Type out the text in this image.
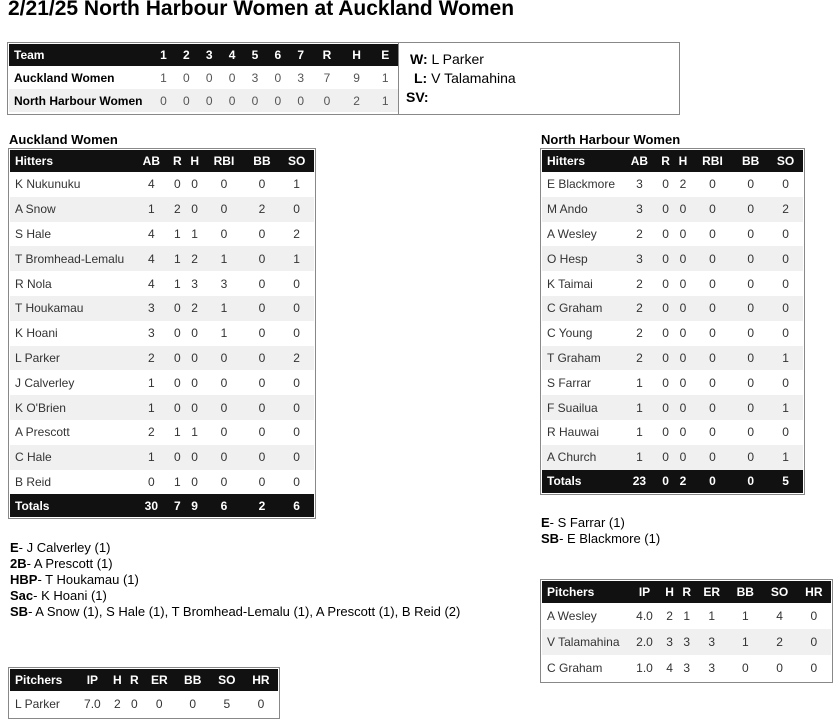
2/21/25 North Harbour Women at Auckland Women
Team	1	2	3	4	5	6	7	R	H	E
Auckland Women	1	0	0	0	3	0	3	7	9	1
North Harbour Women	0	0	0	0	0	0	0	0	2	1
W: L Parker
L: V Talamahina
SV:
Auckland Women
Hitters	AB	R	H	RBI	BB	SO
K Nukunuku	4	0	0	0	0	1
A Snow	1	2	0	0	2	0
S Hale	4	1	1	0	0	2
T Bromhead-Lemalu	4	1	2	1	0	1
R Nola	4	1	3	3	0	0
T Houkamau	3	0	2	1	0	0
K Hoani	3	0	0	1	0	0
L Parker	2	0	0	0	0	2
J Calverley	1	0	0	0	0	0
K O'Brien	1	0	0	0	0	0
A Prescott	2	1	1	0	0	0
C Hale	1	0	0	0	0	0
B Reid	0	1	0	0	0	0
Totals	30	7	9	6	2	6
E- J Calverley (1)
2B- A Prescott (1)
HBP- T Houkamau (1)
Sac- K Hoani (1)
SB- A Snow (1), S Hale (1), T Bromhead-Lemalu (1), A Prescott (1), B Reid (2)
Pitchers	IP	H	R	ER	BB	SO	HR
L Parker	7.0	2	0	0	0	5	0
North Harbour Women
Hitters	AB	R	H	RBI	BB	SO
E Blackmore	3	0	2	0	0	0
M Ando	3	0	0	0	0	2
A Wesley	2	0	0	0	0	0
O Hesp	3	0	0	0	0	0
K Taimai	2	0	0	0	0	0
C Graham	2	0	0	0	0	0
C Young	2	0	0	0	0	0
T Graham	2	0	0	0	0	1
S Farrar	1	0	0	0	0	0
F Suailua	1	0	0	0	0	1
R Hauwai	1	0	0	0	0	0
A Church	1	0	0	0	0	1
Totals	23	0	2	0	0	5
E- S Farrar (1)
SB- E Blackmore (1)
Pitchers	IP	H	R	ER	BB	SO	HR
A Wesley	4.0	2	1	1	1	4	0
V Talamahina	2.0	3	3	3	1	2	0
C Graham	1.0	4	3	3	0	0	0
